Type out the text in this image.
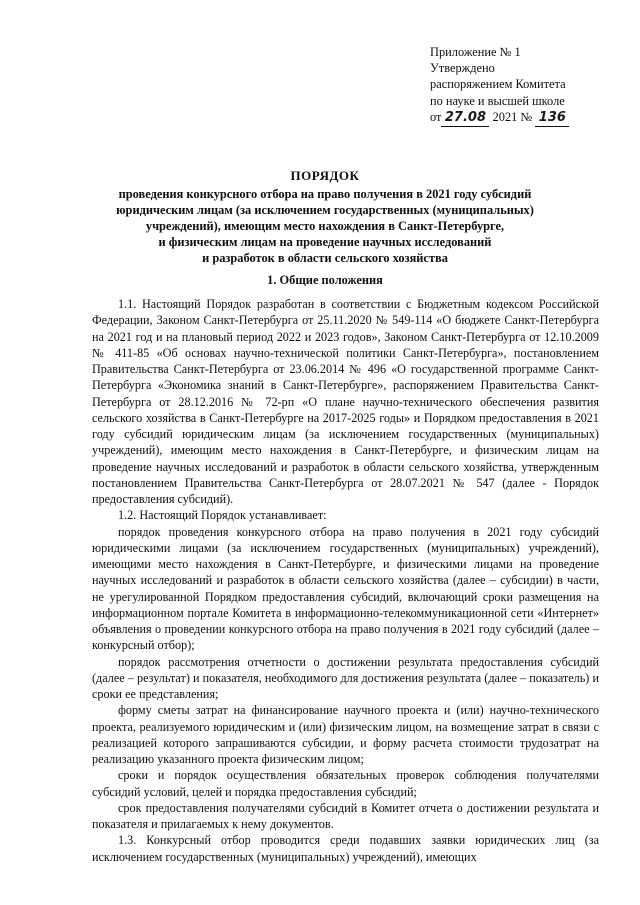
Приложение № 1
Утверждено
распоряжением Комитета
по науке и высшей школе
от 27.08 2021 № 136
ПОРЯДОК
проведения конкурсного отбора на право получения в 2021 году субсидий
юридическим лицам (за исключением государственных (муниципальных)
учреждений), имеющим место нахождения в Санкт-Петербурге,
и физическим лицам на проведение научных исследований
и разработок в области сельского хозяйства
1. Общие положения

1.1. Настоящий Порядок разработан в соответствии с Бюджетным кодексом Российской Федерации, Законом Санкт-Петербурга от 25.11.2020 № 549-114 «О бюджете Санкт-Петербурга на 2021 год и на плановый период 2022 и 2023 годов», Законом Санкт-Петербурга от 12.10.2009 № 411-85 «Об основах научно-технической политики Санкт-Петербурга», постановлением Правительства Санкт-Петербурга от 23.06.2014 № 496 «О государственной программе Санкт-Петербурга «Экономика знаний в Санкт-Петербурге», распоряжением Правительства Санкт-Петербурга от 28.12.2016 № 72-рп «О плане научно-технического обеспечения развития сельского хозяйства в Санкт-Петербурге на 2017-2025 годы» и Порядком предоставления в 2021 году субсидий юридическим лицам (за исключением государственных (муниципальных) учреждений), имеющим место нахождения в Санкт-Петербурге, и физическим лицам на проведение научных исследований и разработок в области сельского хозяйства, утвержденным постановлением Правительства Санкт-Петербурга от 28.07.2021 № 547 (далее - Порядок предоставления субсидий).

1.2. Настоящий Порядок устанавливает:

порядок проведения конкурсного отбора на право получения в 2021 году субсидий юридическими лицами (за исключением государственных (муниципальных) учреждений), имеющими место нахождения в Санкт-Петербурге, и физическими лицами на проведение научных исследований и разработок в области сельского хозяйства (далее – субсидии) в части, не урегулированной Порядком предоставления субсидий, включающий сроки размещения на информационном портале Комитета в информационно-телекоммуникационной сети «Интернет» объявления о проведении конкурсного отбора на право получения в 2021 году субсидий (далее – конкурсный отбор);

порядок рассмотрения отчетности о достижении результата предоставления субсидий (далее – результат) и показателя, необходимого для достижения результата (далее – показатель) и сроки ее представления;

форму сметы затрат на финансирование научного проекта и (или) научно-технического проекта, реализуемого юридическим и (или) физическим лицом, на возмещение затрат в связи с реализацией которого запрашиваются субсидии, и форму расчета стоимости трудозатрат на реализацию указанного проекта физическим лицом;

сроки и порядок осуществления обязательных проверок соблюдения получателями субсидий условий, целей и порядка предоставления субсидий;

срок предоставления получателями субсидий в Комитет отчета о достижении результата и показателя и прилагаемых к нему документов.

1.3. Конкурсный отбор проводится среди подавших заявки юридических лиц (за исключением государственных (муниципальных) учреждений), имеющих
